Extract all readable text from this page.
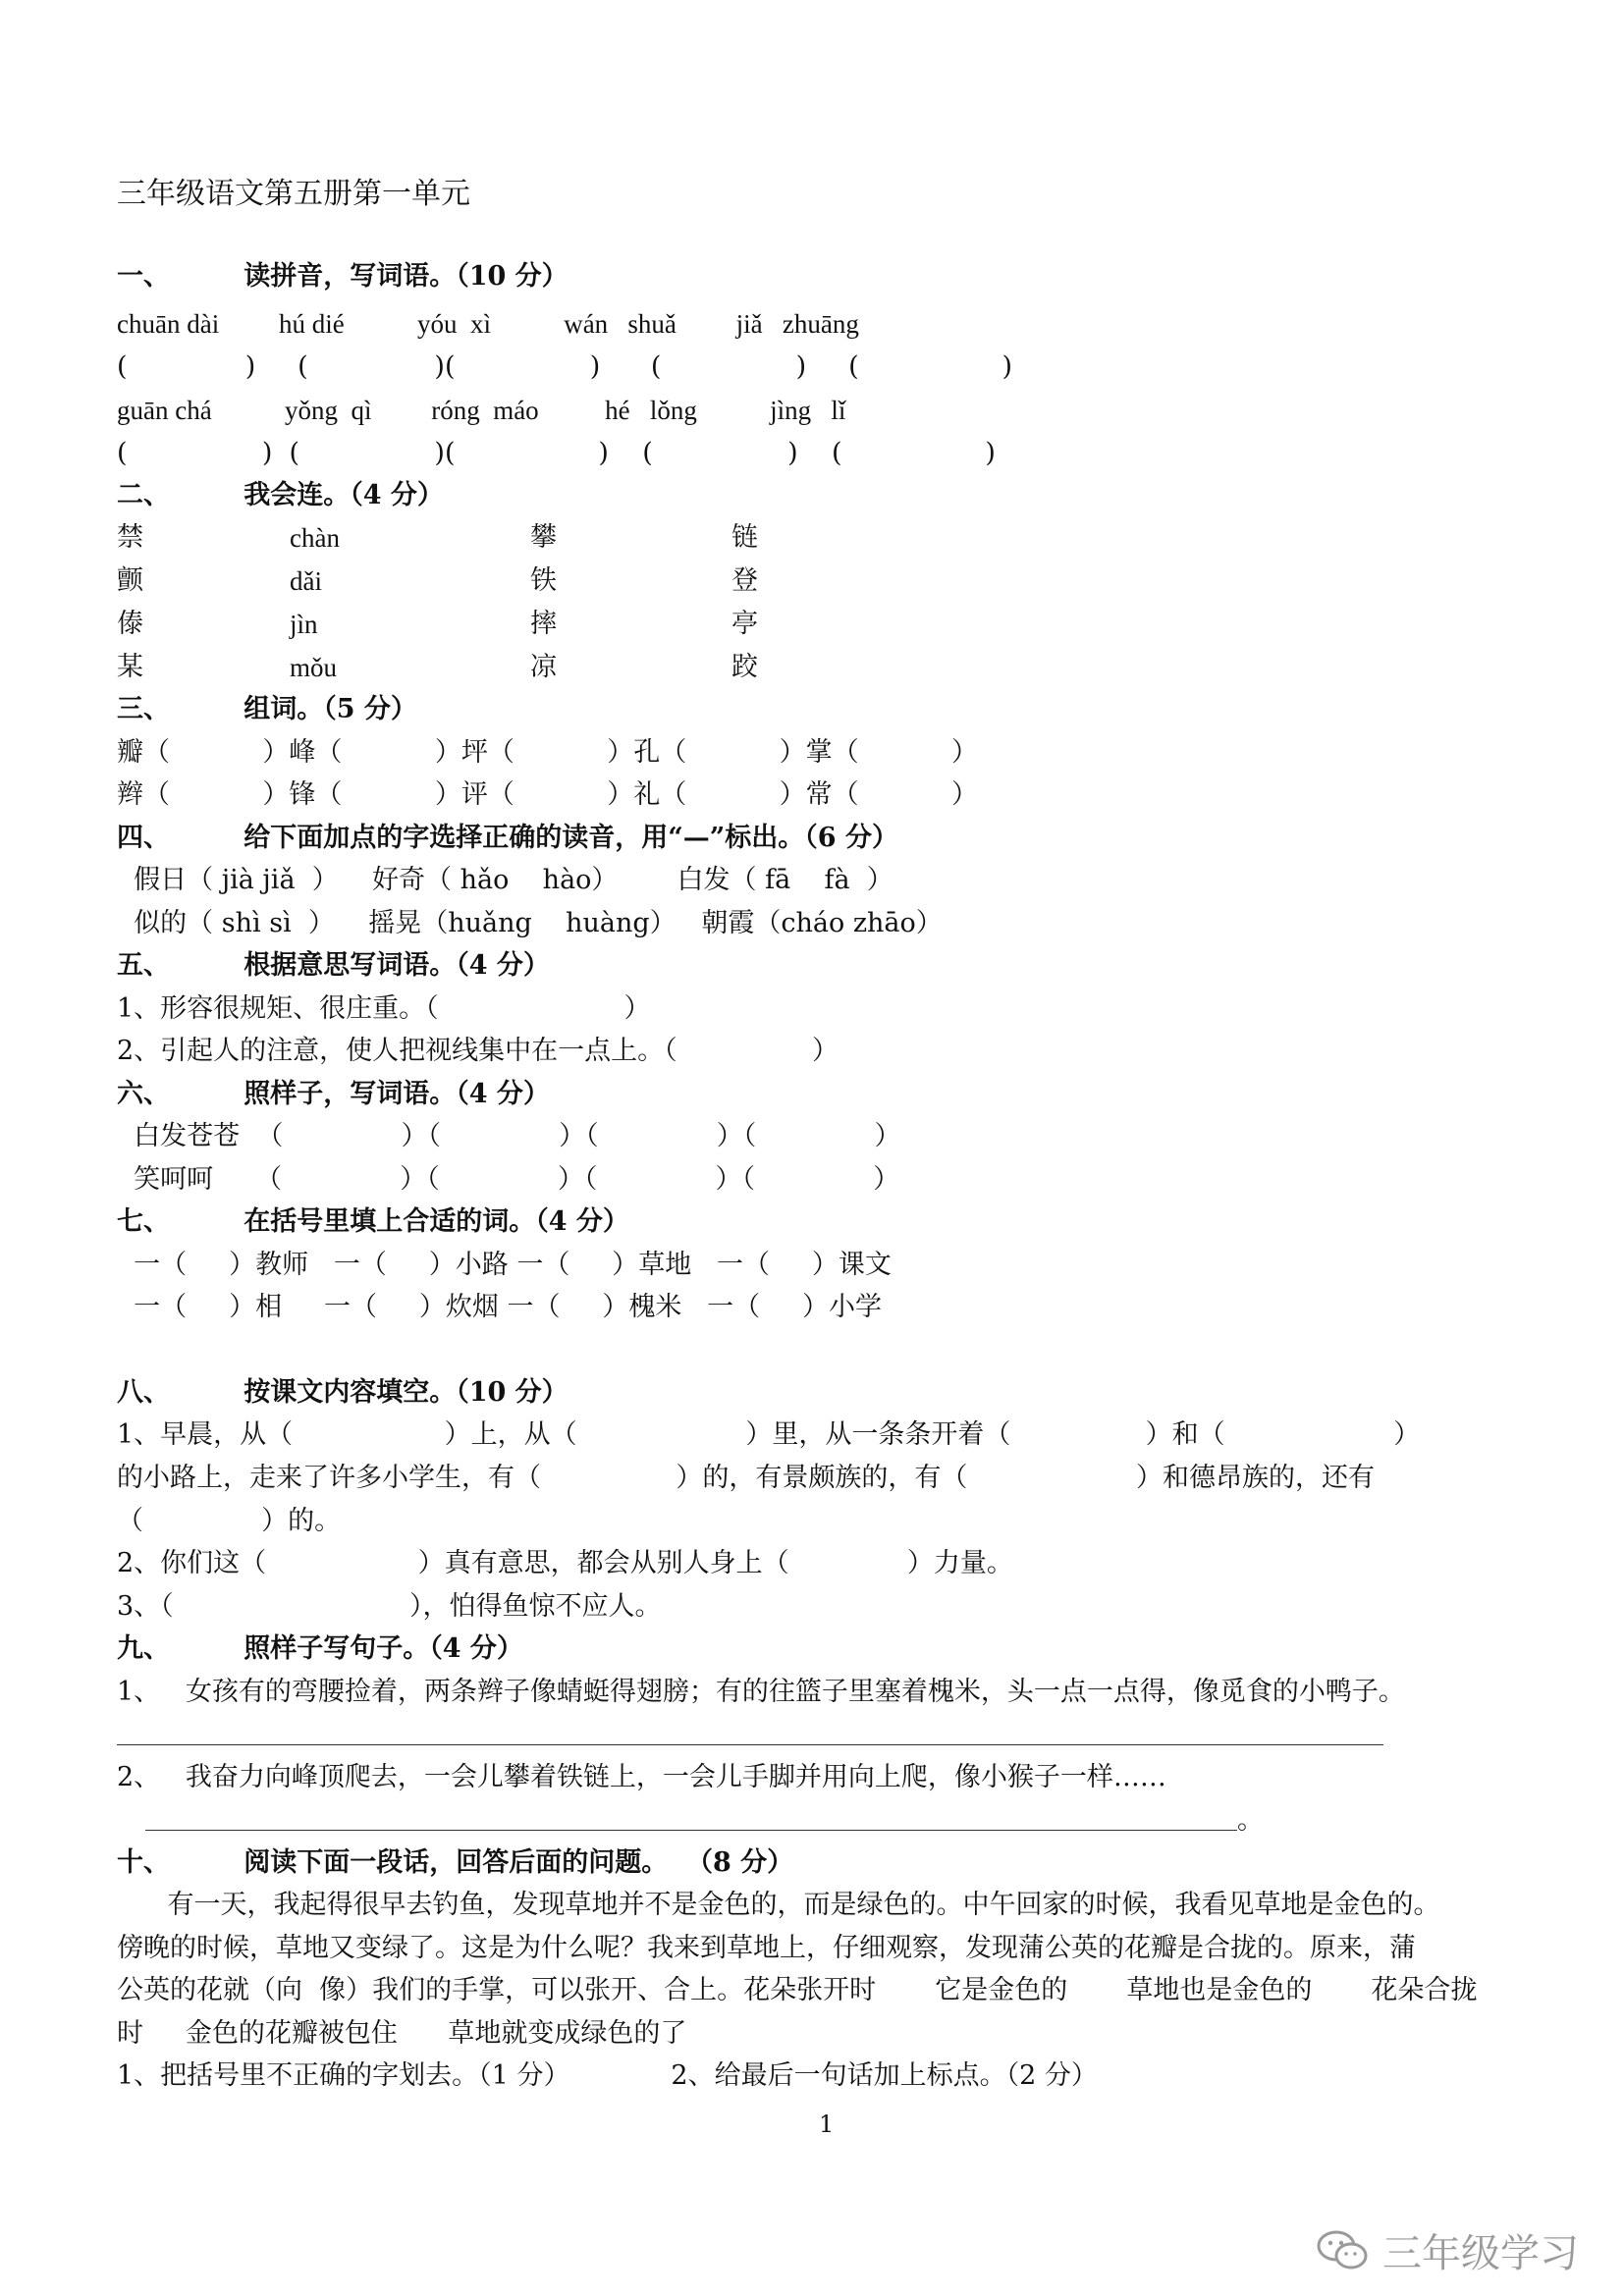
三年级语文第五册第一单元
一、        读拼音，写词语。（10 分）
chuān dài         hú dié           yóu  xì           wán   shuǎ         jiǎ   zhuāng
(              )     (               )(                )      (                )     (                 )
guān chá           yǒng  qì         róng  máo          hé   lǒng           jìng   lǐ
(                )  (                )(                 )    (                )    (                 )
二、        我会连。（4 分）
禁	chàn	攀	链
颤	dǎi	铁	登
傣	jìn	摔	亭
某	mǒu	凉	跤
三、        组词。（5 分）
瓣（           ）峰（           ）坪（           ）孔（           ）掌（           ）
辫（           ）锋（           ）评（           ）礼（           ）常（           ）
四、        给下面加点的字选择正确的读音，用“—”标出。（6 分）
假日（ jià jiǎ  ）    好奇（ hǎo    hào）       白发（ fā    fà  ）
似的（ shì sì  ）    摇晃（huǎng    huàng）   朝霞（cháo zhāo）
五、        根据意思写词语。（4 分）
1、形容很规矩、很庄重。（                      ）
2、引起人的注意，使人把视线集中在一点上。（                ）
六、        照样子，写词语。（4 分）
白发苍苍  （              ）（              ）（              ）（              ）
笑呵呵     （              ）（              ）（              ）（              ）
七、        在括号里填上合适的词。（4 分）
一（     ）教师   一（     ）小路 一（     ）草地   一（     ）课文
一（     ）相     一（     ）炊烟 一（     ）槐米   一（     ）小学
八、        按课文内容填空。（10 分）
1、早晨，从（                  ）上，从（                    ）里，从一条条开着（                ）和（                    ）
的小路上，走来了许多小学生，有（                ）的，有景颇族的，有（                    ）和德昂族的，还有
（              ）的。
2、你们这（                  ）真有意思，都会从别人身上（              ）力量。
3、（                            ），怕得鱼惊不应人。
九、        照样子写句子。（4 分）
1、   女孩有的弯腰捡着，两条辫子像蜻蜓得翅膀；有的往篮子里塞着槐米，头一点一点得，像觅食的小鸭子。
2、   我奋力向峰顶爬去，一会儿攀着铁链上，一会儿手脚并用向上爬，像小猴子一样……
。
十、        阅读下面一段话，回答后面的问题。  （8 分）
有一天，我起得很早去钓鱼，发现草地并不是金色的，而是绿色的。中午回家的时候，我看见草地是金色的。
傍晚的时候，草地又变绿了。这是为什么呢？我来到草地上，仔细观察，发现蒲公英的花瓣是合拢的。原来，蒲
公英的花就（向  像）我们的手掌，可以张开、合上。花朵张开时       它是金色的       草地也是金色的       花朵合拢
时     金色的花瓣被包住      草地就变成绿色的了
1、把括号里不正确的字划去。（1 分）            2、给最后一句话加上标点。（2 分）
1
三年级学习
